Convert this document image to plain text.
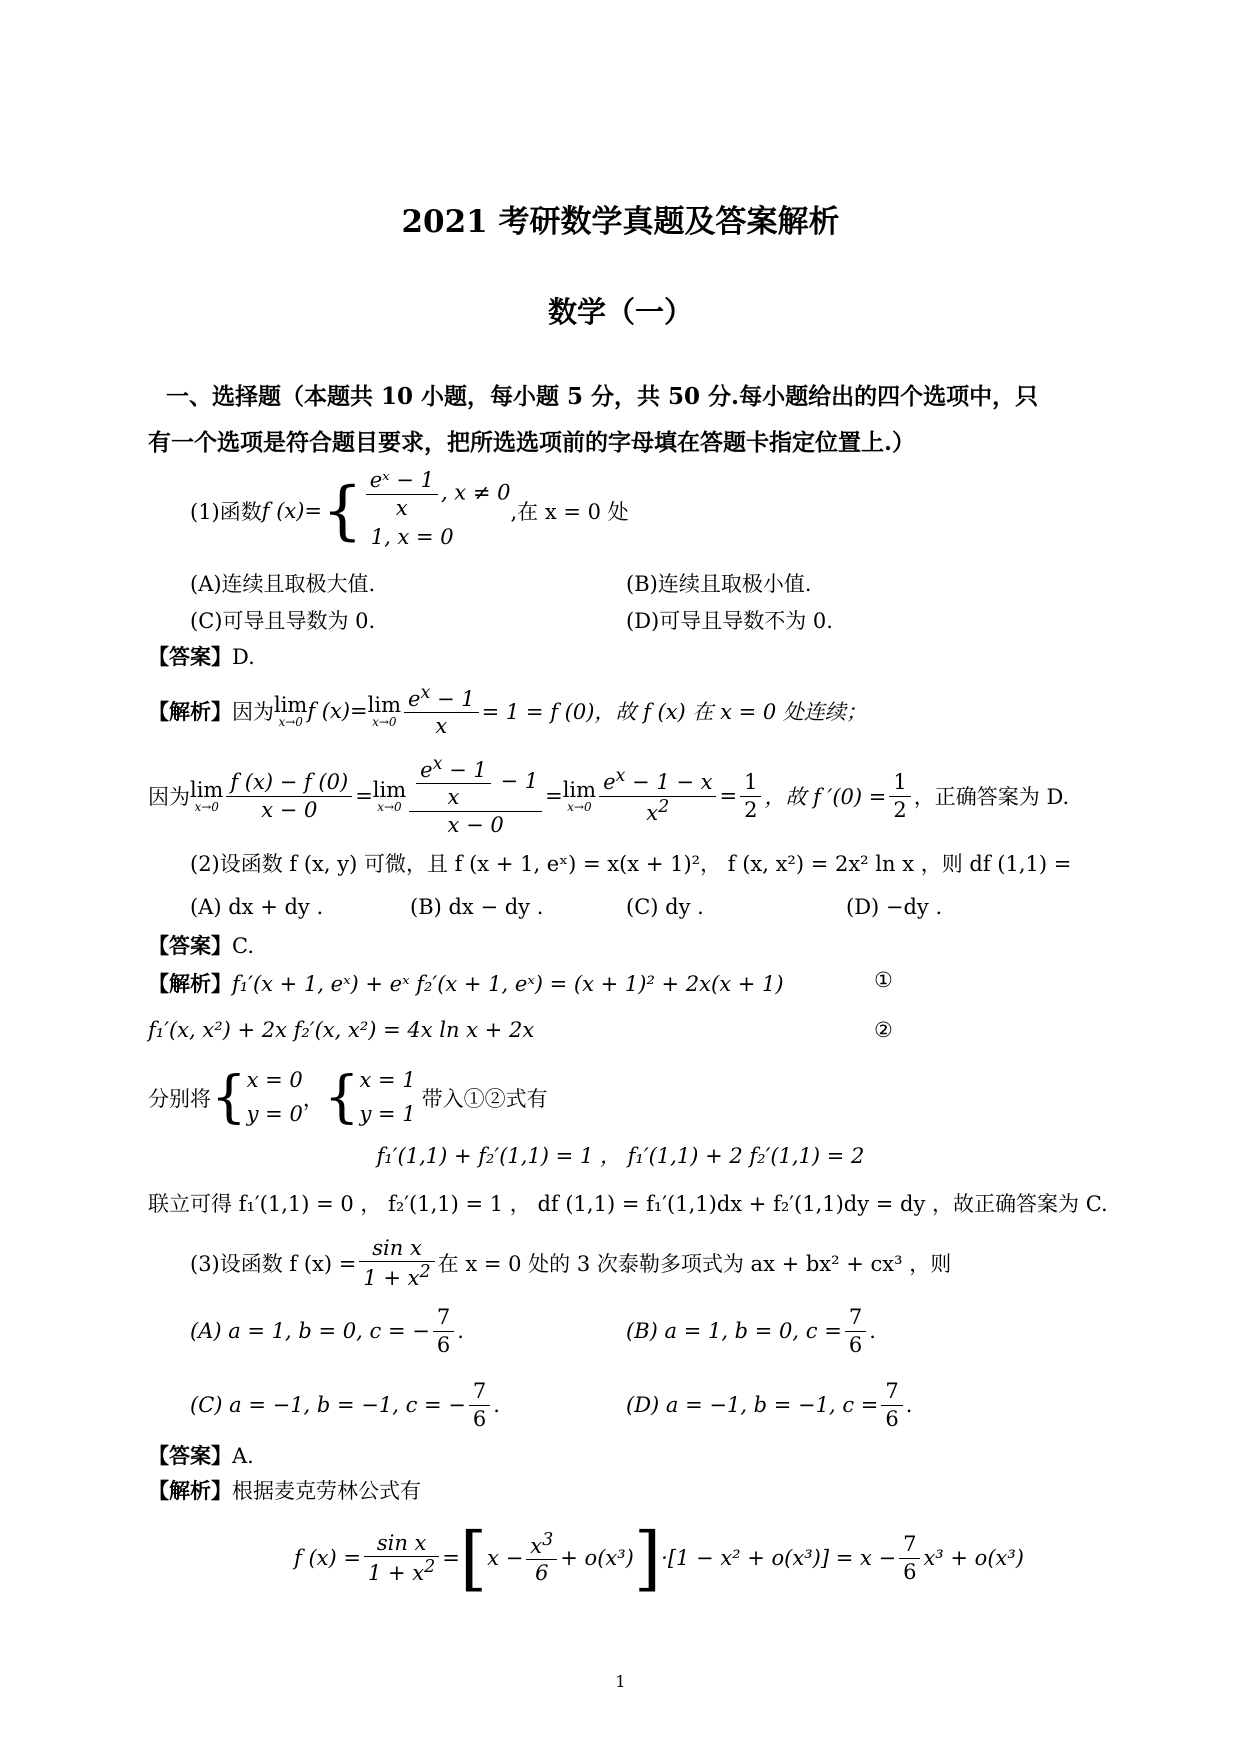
2021 考研数学真题及答案解析
数学（一）
一、选择题（本题共 10 小题，每小题 5 分，共 50 分.每小题给出的四个选项中，只
有一个选项是符合题目要求，把所选选项前的字母填在答题卡指定位置上.）
(1)函数 f (x)= { $\frac{\text{eˣ − 1}}{x}$ , x ≠ 0
1, x = 0
,在 x = 0 处
(A)连续且取极大值.	(B)连续且取极小值.
(C)可导且导数为 0.	(D)可导且导数不为 0.
【答案】D.
【解析】 因为 lim
x→0 f (x)= lim
$x\to 0 \frac{e^x - 1}{x} = 1 = f$ (0)，故 f (x) 在 x = 0 处连续；
因为 lim
$x\to 0 \frac{f (x) - f (0)}{x - 0} = \lim$
$x\to 0 \frac{\frac{e^x - 1}{x} - 1}{x - 0} = \lim$
$x\to 0 \frac{e^x - 1 - x}{x^2} = \frac{1}{2}$ ，故 f $'(0) = \frac{1}{2}$ ，正确答案为 D.
(2)设函数 f (x, y) 可微，且 f (x + 1, eˣ) = x(x + 1)²， f (x, x²) = 2x² ln x ，则 df (1,1) =
(A) dx + dy .	(B) dx − dy .	(C) dy .	(D) −dy .
【答案】C.
【解析】f₁′(x + 1, eˣ) + eˣ f₂′(x + 1, eˣ) = (x + 1)² + 2x(x + 1)	①
f₁′(x, x²) + 2x f₂′(x, x²) = 4x ln x + 2x	②
分别将 { x = 0
y = 0
， { x = 1
y = 1
带入①②式有
f₁′(1,1) + f₂′(1,1) = 1 ， f₁′(1,1) + 2 f₂′(1,1) = 2
联立可得 f₁′(1,1) = 0 ， f₂′(1,1) = 1 ， df (1,1) = f₁′(1,1)dx + f₂′(1,1)dy = dy ，故正确答案为 C.
(3)设函数 f $(x) = \frac{\text{sin x}}{1 + x^2}$ 在 x = 0 处的 3 次泰勒多项式为 ax + bx² + cx³ ，则
(A) a = 1, b = 0, c = − $\frac{7}{6}$ .	(B) a = 1, b = 0, $c = \frac{7}{6}$ .
(C) a = −1, b = −1, c = − $\frac{7}{6}$ .	(D) a = −1, b = −1, $c = \frac{7}{6}$ .
【答案】A.
【解析】根据麦克劳林公式有
f $(x) = \frac{\text{sin x}}{1 + x^2}$ = [ $x - \frac{x^3}{6} + o(x^3)$ ] $\cdot[1 - x^2 + o(x^3)] = x - \frac{7}{6} x^3 + o(x^3)$
1
